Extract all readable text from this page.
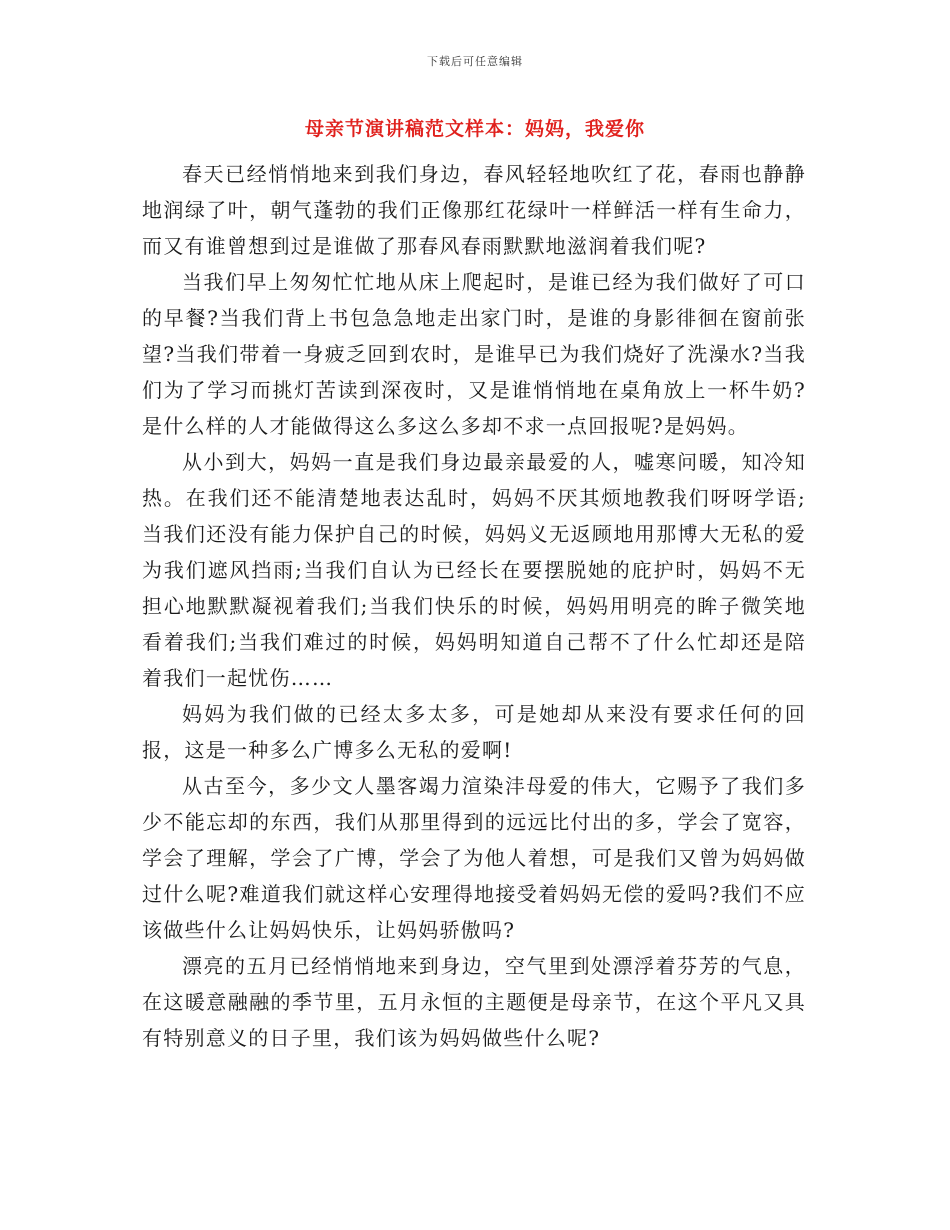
下载后可任意编辑
母亲节演讲稿范文样本：妈妈，我爱你

春天已经悄悄地来到我们身边，春风轻轻地吹红了花，春雨也静静地润绿了叶，朝气蓬勃的我们正像那红花绿叶一样鲜活一样有生命力，而又有谁曾想到过是谁做了那春风春雨默默地滋润着我们呢?

当我们早上匆匆忙忙地从床上爬起时，是谁已经为我们做好了可口的早餐?当我们背上书包急急地走出家门时，是谁的身影徘徊在窗前张望?当我们带着一身疲乏回到农时，是谁早已为我们烧好了洗澡水?当我们为了学习而挑灯苦读到深夜时，又是谁悄悄地在桌角放上一杯牛奶?是什么样的人才能做得这么多这么多却不求一点回报呢?是妈妈。

从小到大，妈妈一直是我们身边最亲最爱的人，嘘寒问暖，知冷知热。在我们还不能清楚地表达乱时，妈妈不厌其烦地教我们呀呀学语;当我们还没有能力保护自己的时候，妈妈义无返顾地用那博大无私的爱为我们遮风挡雨;当我们自认为已经长在要摆脱她的庇护时，妈妈不无担心地默默凝视着我们;当我们快乐的时候，妈妈用明亮的眸子微笑地看着我们;当我们难过的时候，妈妈明知道自己帮不了什么忙却还是陪着我们一起忧伤……

妈妈为我们做的已经太多太多，可是她却从来没有要求任何的回报，这是一种多么广博多么无私的爱啊!

从古至今，多少文人墨客竭力渲染沣母爱的伟大，它赐予了我们多少不能忘却的东西，我们从那里得到的远远比付出的多，学会了宽容，学会了理解，学会了广博，学会了为他人着想，可是我们又曾为妈妈做过什么呢?难道我们就这样心安理得地接受着妈妈无偿的爱吗?我们不应该做些什么让妈妈快乐，让妈妈骄傲吗?

漂亮的五月已经悄悄地来到身边，空气里到处漂浮着芬芳的气息，在这暖意融融的季节里，五月永恒的主题便是母亲节，在这个平凡又具有特别意义的日子里，我们该为妈妈做些什么呢?
